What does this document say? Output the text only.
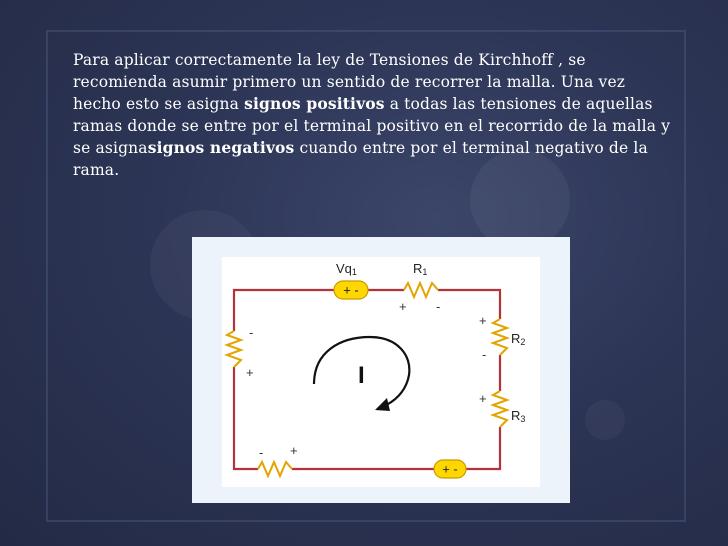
Para aplicar correctamente la ley de Tensiones de Kirchhoff , se recomienda asumir primero un sentido de recorrer la malla. Una vez hecho esto se asigna signos positivos a todas las tensiones de aquellas ramas donde se entre por el terminal positivo en el recorrido de la malla y se asignasignos negativos cuando entre por el terminal negativo de la rama.
+ -
+ -
Vq1	R1
R2
R3
+ -
+
-
+
-
+
- +
I
